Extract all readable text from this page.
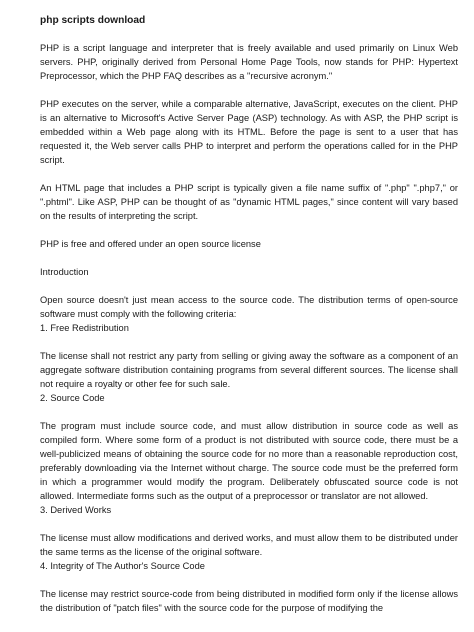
php scripts download

PHP is a script language and interpreter that is freely available and used primarily on Linux Web servers. PHP, originally derived from Personal Home Page Tools, now stands for PHP: Hypertext Preprocessor, which the PHP FAQ describes as a "recursive acronym."

PHP executes on the server, while a comparable alternative, JavaScript, executes on the client. PHP is an alternative to Microsoft's Active Server Page (ASP) technology. As with ASP, the PHP script is embedded within a Web page along with its HTML. Before the page is sent to a user that has requested it, the Web server calls PHP to interpret and perform the operations called for in the PHP script.

An HTML page that includes a PHP script is typically given a file name suffix of ".php" ".php7," or ".phtml". Like ASP, PHP can be thought of as "dynamic HTML pages," since content will vary based on the results of interpreting the script.

PHP is free and offered under an open source license

Introduction

Open source doesn't just mean access to the source code. The distribution terms of open-source software must comply with the following criteria:

1. Free Redistribution

The license shall not restrict any party from selling or giving away the software as a component of an aggregate software distribution containing programs from several different sources. The license shall not require a royalty or other fee for such sale.

2. Source Code

The program must include source code, and must allow distribution in source code as well as compiled form. Where some form of a product is not distributed with source code, there must be a well-publicized means of obtaining the source code for no more than a reasonable reproduction cost, preferably downloading via the Internet without charge. The source code must be the preferred form in which a programmer would modify the program. Deliberately obfuscated source code is not allowed. Intermediate forms such as the output of a preprocessor or translator are not allowed.

3. Derived Works

The license must allow modifications and derived works, and must allow them to be distributed under the same terms as the license of the original software.

4. Integrity of The Author's Source Code

The license may restrict source-code from being distributed in modified form only if the license allows the distribution of "patch files" with the source code for the purpose of modifying the
